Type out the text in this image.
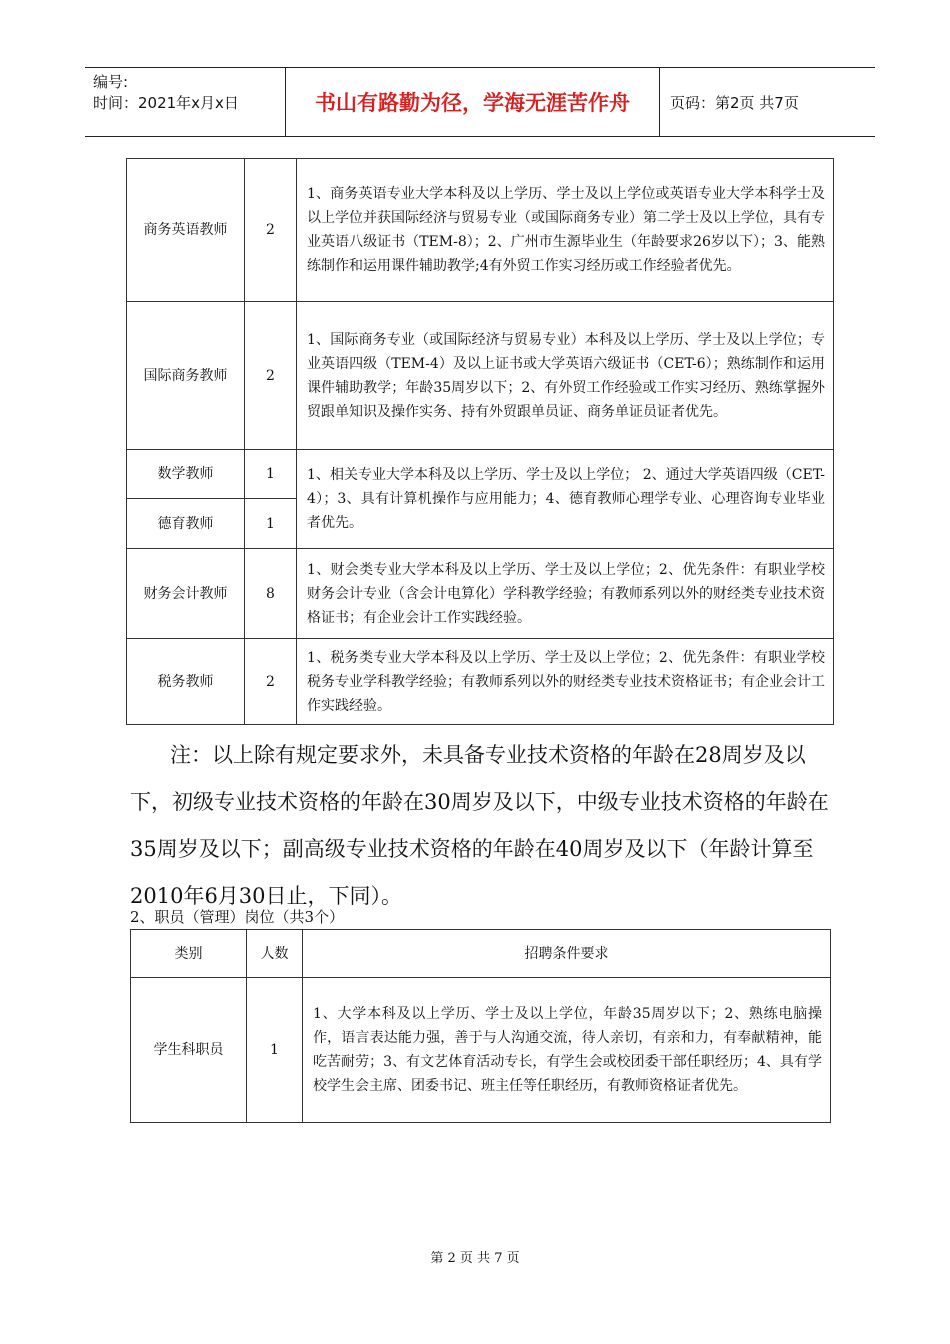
编号:
时间：2021年x月x日	书山有路勤为径，学海无涯苦作舟	页码：第2页 共7页
商务英语教师	2	1、商务英语专业大学本科及以上学历、学士及以上学位或英语专业大学本科学士及以上学位并获国际经济与贸易专业（或国际商务专业）第二学士及以上学位，具有专业英语八级证书（TEM-8）；2、广州市生源毕业生（年龄要求26岁以下）；3、能熟练制作和运用课件辅助教学;4有外贸工作实习经历或工作经验者优先。
国际商务教师	2	1、国际商务专业（或国际经济与贸易专业）本科及以上学历、学士及以上学位；专业英语四级（TEM-4）及以上证书或大学英语六级证书（CET-6）；熟练制作和运用课件辅助教学；年龄35周岁以下；2、有外贸工作经验或工作实习经历、熟练掌握外贸跟单知识及操作实务、持有外贸跟单员证、商务单证员证者优先。
数学教师	1	1、相关专业大学本科及以上学历、学士及以上学位； 2、通过大学英语四级（CET-4）；3、具有计算机操作与应用能力；4、德育教师心理学专业、心理咨询专业毕业者优先。
德育教师	1	
财务会计教师	8	1、财会类专业大学本科及以上学历、学士及以上学位；2、优先条件：有职业学校财务会计专业（含会计电算化）学科教学经验；有教师系列以外的财经类专业技术资格证书；有企业会计工作实践经验。
税务教师	2	1、税务类专业大学本科及以上学历、学士及以上学位；2、优先条件：有职业学校税务专业学科教学经验；有教师系列以外的财经类专业技术资格证书；有企业会计工作实践经验。

注：以上除有规定要求外，未具备专业技术资格的年龄在28周岁及以下，初级专业技术资格的年龄在30周岁及以下，中级专业技术资格的年龄在35周岁及以下；副高级专业技术资格的年龄在40周岁及以下（年龄计算至2010年6月30日止，下同）。

2、职员（管理）岗位（共3个）

类别	人数	招聘条件要求
学生科职员	1	1、大学本科及以上学历、学士及以上学位，年龄35周岁以下；2、熟练电脑操作，语言表达能力强，善于与人沟通交流，待人亲切，有亲和力，有奉献精神，能吃苦耐劳；3、有文艺体育活动专长，有学生会或校团委干部任职经历；4、具有学校学生会主席、团委书记、班主任等任职经历，有教师资格证者优先。
第 2 页 共 7 页
